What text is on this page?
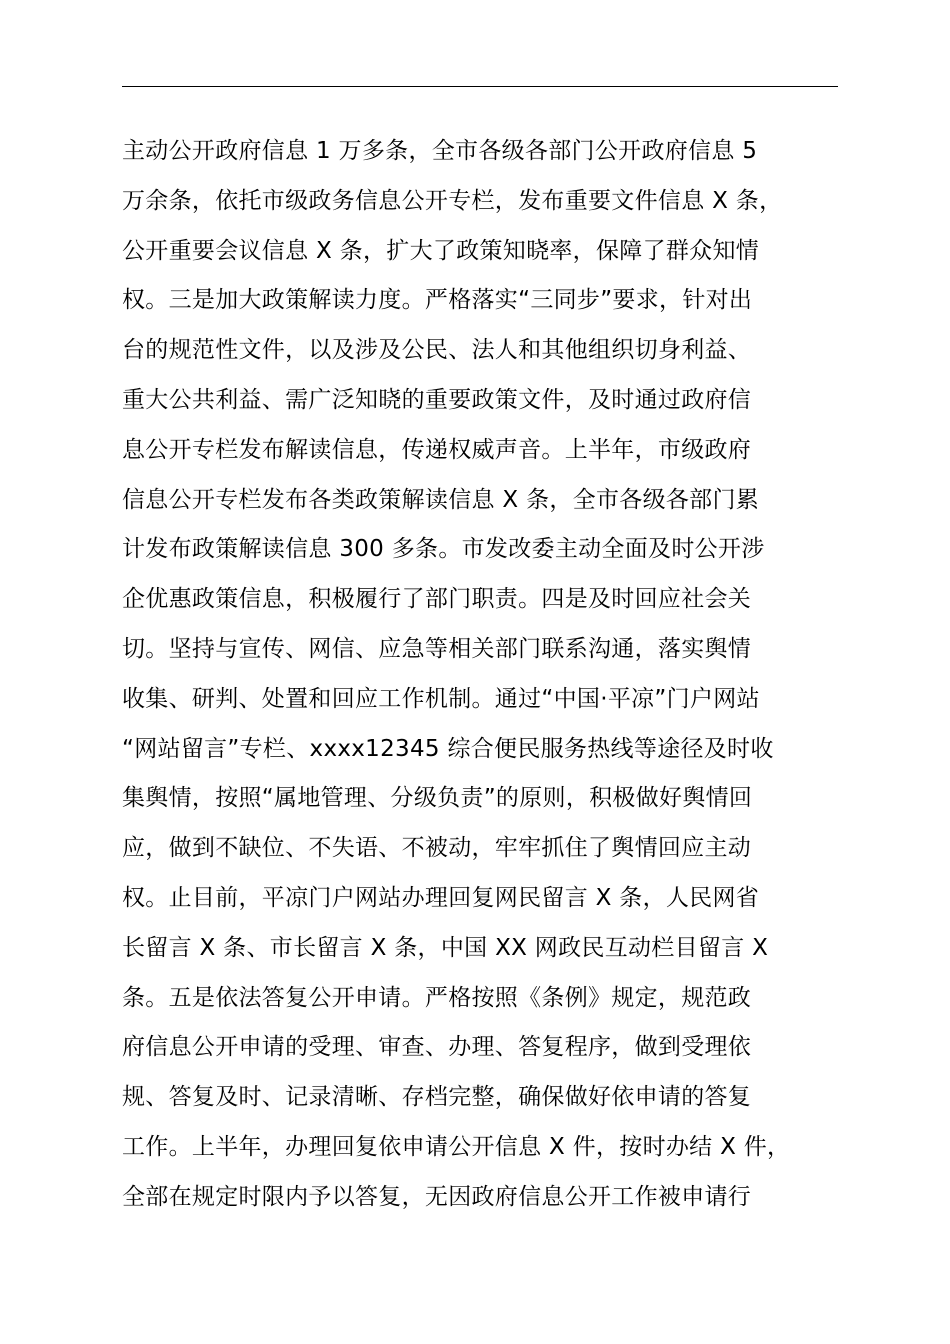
主动公开政府信息 1 万多条，全市各级各部门公开政府信息 5
万余条，依托市级政务信息公开专栏，发布重要文件信息 X 条，
公开重要会议信息 X 条，扩大了政策知晓率，保障了群众知情
权。三是加大政策解读力度。严格落实“三同步”要求，针对出
台的规范性文件，以及涉及公民、法人和其他组织切身利益、
重大公共利益、需广泛知晓的重要政策文件，及时通过政府信
息公开专栏发布解读信息，传递权威声音。上半年，市级政府
信息公开专栏发布各类政策解读信息 X 条，全市各级各部门累
计发布政策解读信息 300 多条。市发改委主动全面及时公开涉
企优惠政策信息，积极履行了部门职责。四是及时回应社会关
切。坚持与宣传、网信、应急等相关部门联系沟通，落实舆情
收集、研判、处置和回应工作机制。通过“中国·平凉”门户网站
“网站留言”专栏、xxxx12345 综合便民服务热线等途径及时收
集舆情，按照“属地管理、分级负责”的原则，积极做好舆情回
应，做到不缺位、不失语、不被动，牢牢抓住了舆情回应主动
权。止目前，平凉门户网站办理回复网民留言 X 条，人民网省
长留言 X 条、市长留言 X 条，中国 XX 网政民互动栏目留言 X
条。五是依法答复公开申请。严格按照《条例》规定，规范政
府信息公开申请的受理、审查、办理、答复程序，做到受理依
规、答复及时、记录清晰、存档完整，确保做好依申请的答复
工作。上半年，办理回复依申请公开信息 X 件，按时办结 X 件，
全部在规定时限内予以答复，无因政府信息公开工作被申请行
